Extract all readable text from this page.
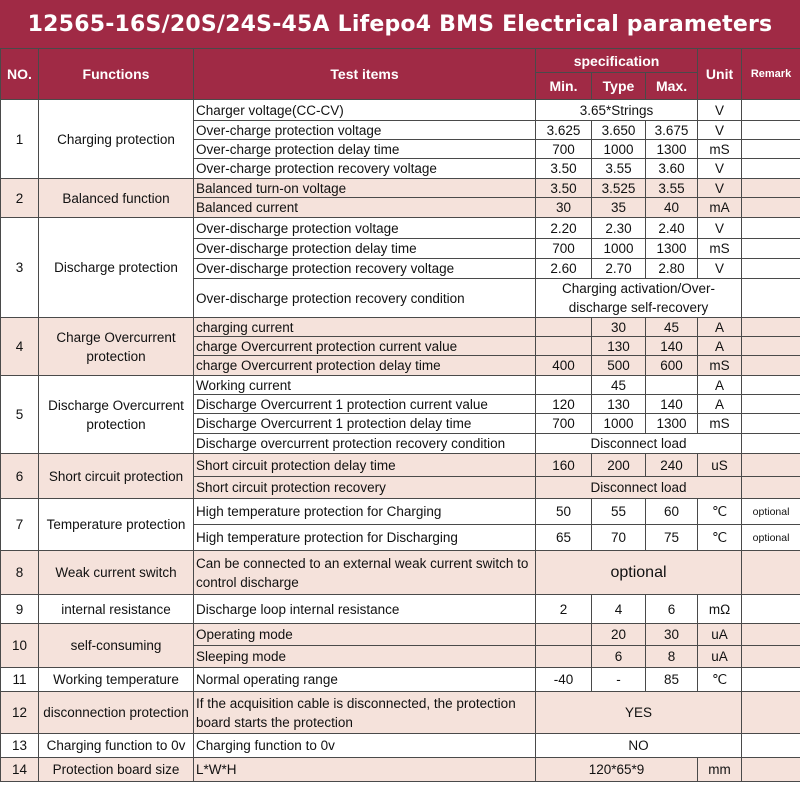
12565-16S/20S/24S-45A Lifepo4 BMS Electrical parameters
NO.	Functions	Test items	specification			Unit	Remark
			Min.	Type	Max.		
1	Charging protection	Charger voltage(CC-CV)	3.65*Strings			V	
		Over-charge protection voltage	3.625	3.650	3.675	V	
		Over-charge protection delay time	700	1000	1300	mS	
		Over-charge protection recovery voltage	3.50	3.55	3.60	V	
2	Balanced function	Balanced turn-on voltage	3.50	3.525	3.55	V	
		Balanced current	30	35	40	mA	
3	Discharge protection	Over-discharge protection voltage	2.20	2.30	2.40	V	
		Over-discharge protection delay time	700	1000	1300	mS	
		Over-discharge protection recovery voltage	2.60	2.70	2.80	V	
		Over-discharge protection recovery condition	Charging activation/Over-discharge self-recovery				
4	Charge Overcurrent protection	charging current		30	45	A	
		charge Overcurrent protection current value		130	140	A	
		charge Overcurrent protection delay time	400	500	600	mS	
5	Discharge Overcurrent protection	Working current		45		A	
		Discharge Overcurrent 1 protection current value	120	130	140	A	
		Discharge Overcurrent 1 protection delay time	700	1000	1300	mS	
		Discharge overcurrent protection recovery condition	Disconnect load				
6	Short circuit protection	Short circuit protection delay time	160	200	240	uS	
		Short circuit protection recovery	Disconnect load				
7	Temperature protection	High temperature protection for Charging	50	55	60	℃	optional
		High temperature protection for Discharging	65	70	75	℃	optional
8	Weak current switch	Can be connected to an external weak current switch to control discharge	optional				
9	internal resistance	Discharge loop internal resistance	2	4	6	mΩ	
10	self-consuming	Operating mode		20	30	uA	
		Sleeping mode		6	8	uA	
11	Working temperature	Normal operating range	-40	-	85	℃	
12	disconnection protection	If the acquisition cable is disconnected, the protection board starts the protection	YES				
13	Charging function to 0v	Charging function to 0v	NO				
14	Protection board size	L*W*H	120*65*9			mm	
